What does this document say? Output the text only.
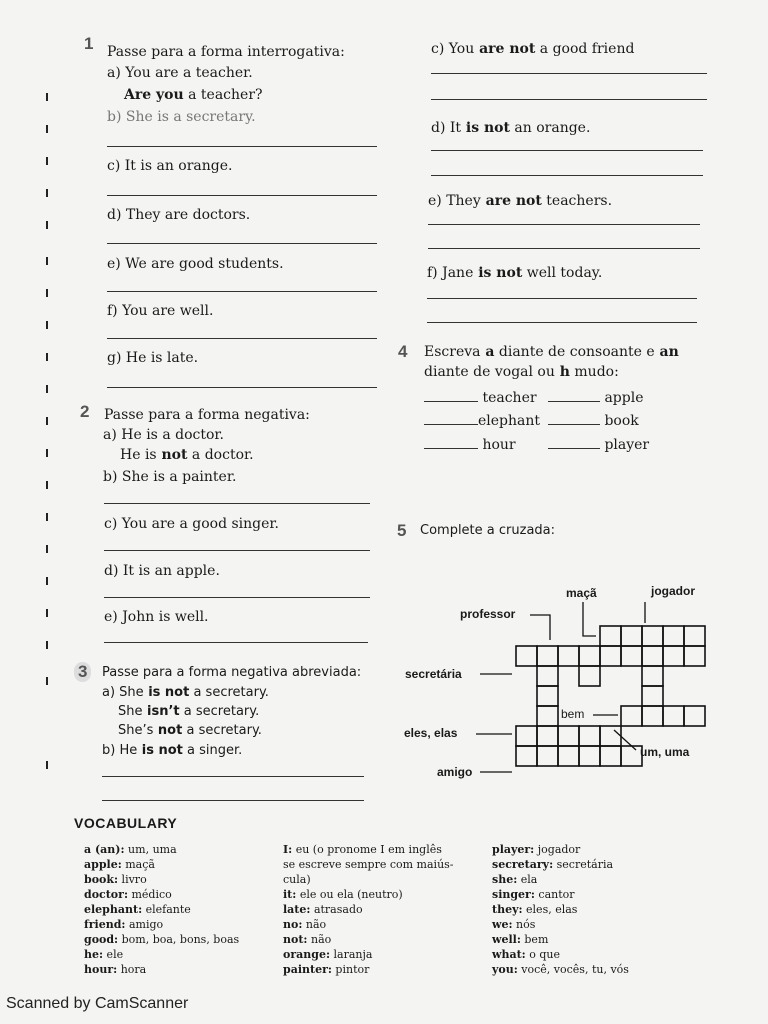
1 Passe para a forma interrogativa:
a) You are a teacher.
Are you a teacher?
b) She is a secretary.
c) It is an orange.
d) They are doctors.
e) We are good students.
f) You are well.
g) He is late.
c) You are not a good friend
d) It is not an orange.
e) They are not teachers.
f) Jane is not well today.
2 Passe para a forma negativa:
a) He is a doctor.
He is not a doctor.
b) She is a painter.
c) You are a good singer.
d) It is an apple.
e) John is well.
3	Passe para a forma negativa abreviada:
a) She is not a secretary.
She isn’t a secretary.
She’s not a secretary.
b) He is not a singer.
4 Escreva a diante de consoante e an
diante de vogal ou h mudo:
teacher	apple
elephant	book
hour	player
5 Complete a cruzada:
maçã	jogador
professor
secretária
bem
eles, elas
um, uma
amigo
VOCABULARY
a (an): um, uma
apple: maçã
book: livro
doctor: médico
elephant: elefante
friend: amigo
good: bom, boa, bons, boas
he: ele
hour: hora
I: eu (o pronome I em inglês
se escreve sempre com maiús-
cula)
it: ele ou ela (neutro)
late: atrasado
no: não
not: não
orange: laranja
painter: pintor
player: jogador
secretary: secretária
she: ela
singer: cantor
they: eles, elas
we: nós
well: bem
what: o que
you: você, vocês, tu, vós
Scanned by CamScanner
